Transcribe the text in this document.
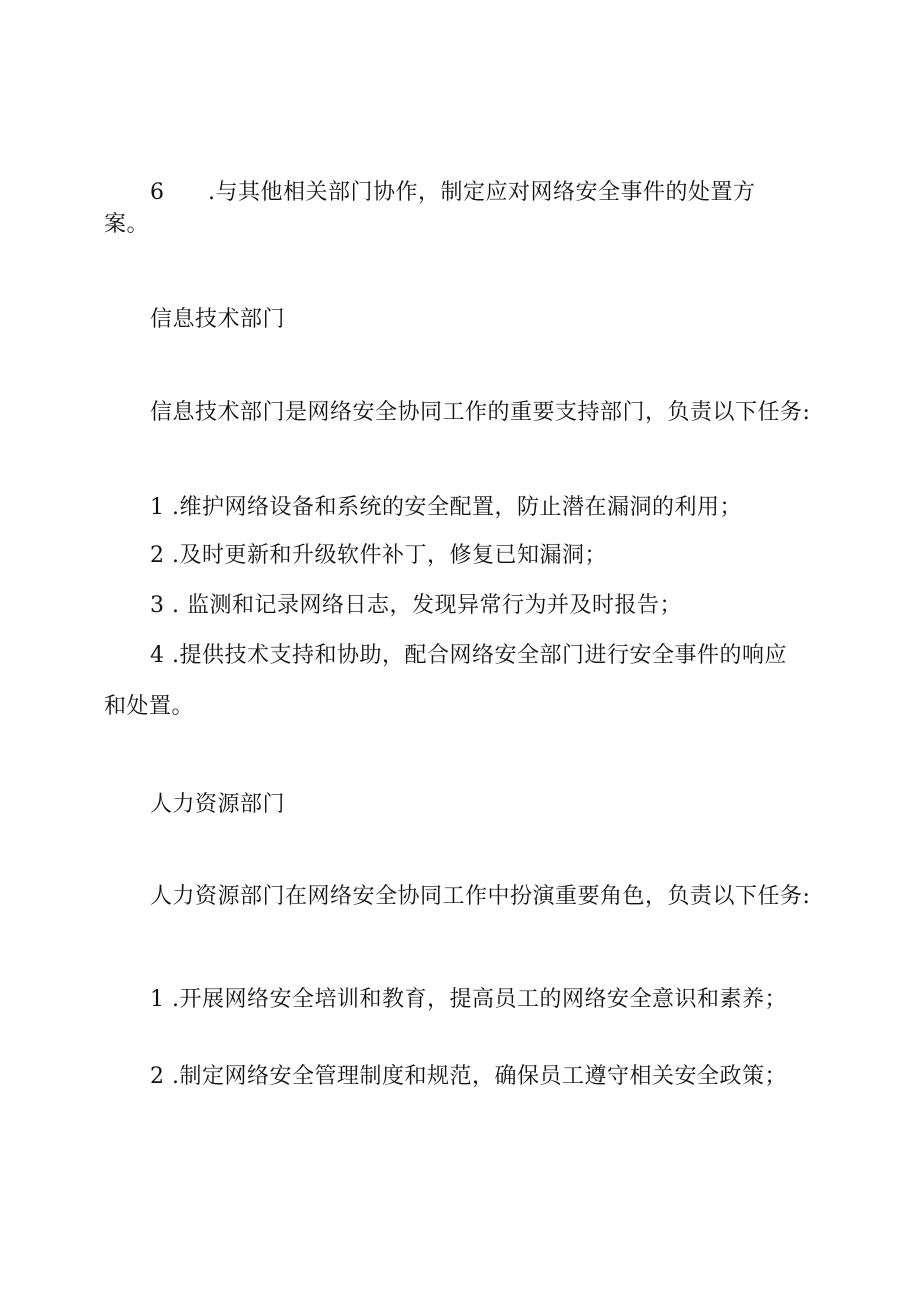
6 .与其他相关部门协作，制定应对网络安全事件的处置方
案。
信息技术部门
信息技术部门是网络安全协同工作的重要支持部门，负责以下任务:
1 .维护网络设备和系统的安全配置，防止潜在漏洞的利用；
2 .及时更新和升级软件补丁，修复已知漏洞；
3 . 监测和记录网络日志，发现异常行为并及时报告；
4 .提供技术支持和协助，配合网络安全部门进行安全事件的响应
和处置。
人力资源部门
人力资源部门在网络安全协同工作中扮演重要角色，负责以下任务:
1 .开展网络安全培训和教育，提高员工的网络安全意识和素养；
2 .制定网络安全管理制度和规范，确保员工遵守相关安全政策；
